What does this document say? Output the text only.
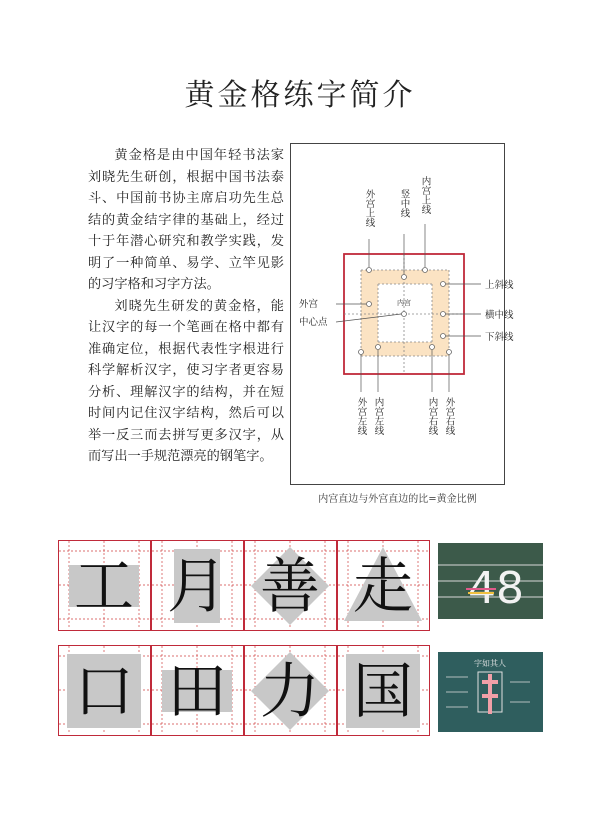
黄金格练字简介

黄金格是由中国年轻书法家刘晓先生研创，根据中国书法泰斗、中国前书协主席启功先生总结的黄金结字律的基础上，经过十于年潜心研究和教学实践，发明了一种简单、易学、立竿见影的习字格和习字方法。

刘晓先生研发的黄金格，能让汉字的每一个笔画在格中都有准确定位，根据代表性字根进行科学解析汉字，使习字者更容易分析、理解汉字的结构，并在短时间内记住汉字结构，然后可以举一反三而去拼写更多汉字，从而写出一手规范漂亮的钢笔字。

内宫
外宫上线	竖中线 内宫上线
上斜线
外宫
中心点
横中线
下斜线
外宫左线 内宫左线	内宫右线 外宫右线
内宫直边与外宫直边的比=黄金比例
工 月 善 走
口 田 力 国
48
字如其人
